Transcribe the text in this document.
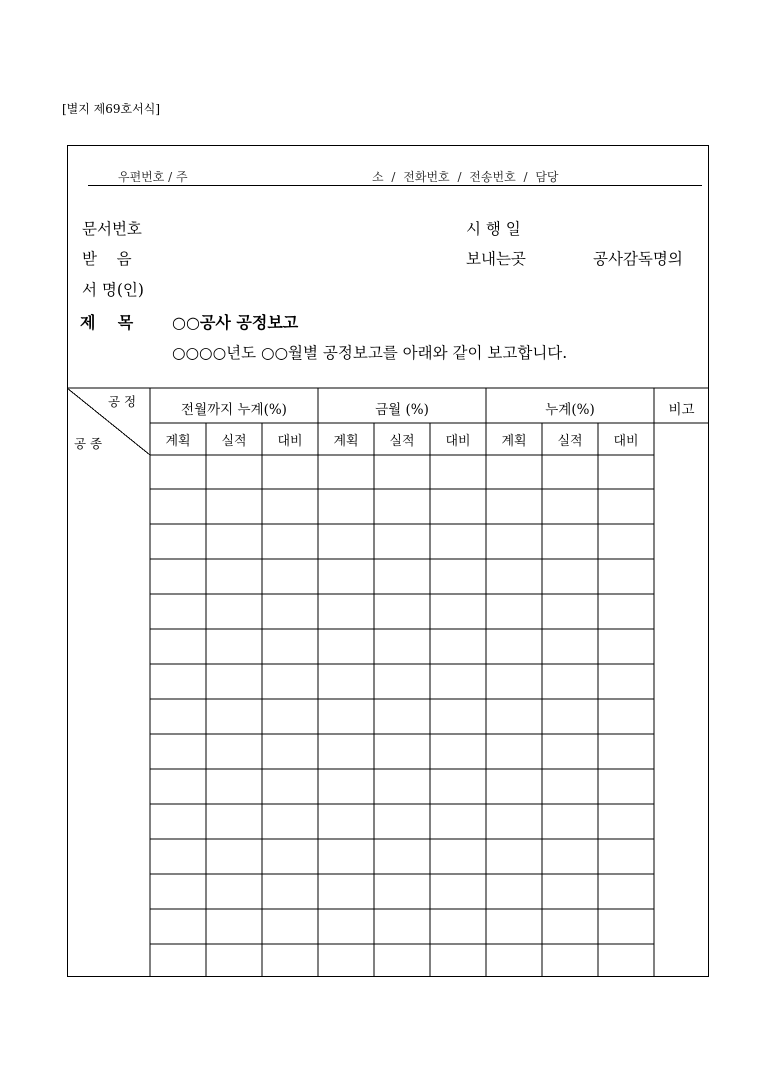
[별지 제69호서식]
우편번호 / 주	소 / 전화번호 / 전송번호 / 담당
문서번호
받    음
서 명(인)
시 행 일
보내는곳	공사감독명의
제    목 ○○공사 공정보고
○○○○년도 ○○월별 공정보고를 아래와 같이 보고합니다.
공 정
공 종
전월까지 누계(%)	금월 (%)	누계(%)	비고
계획	실적	대비	계획	실적	대비	계획	실적	대비
